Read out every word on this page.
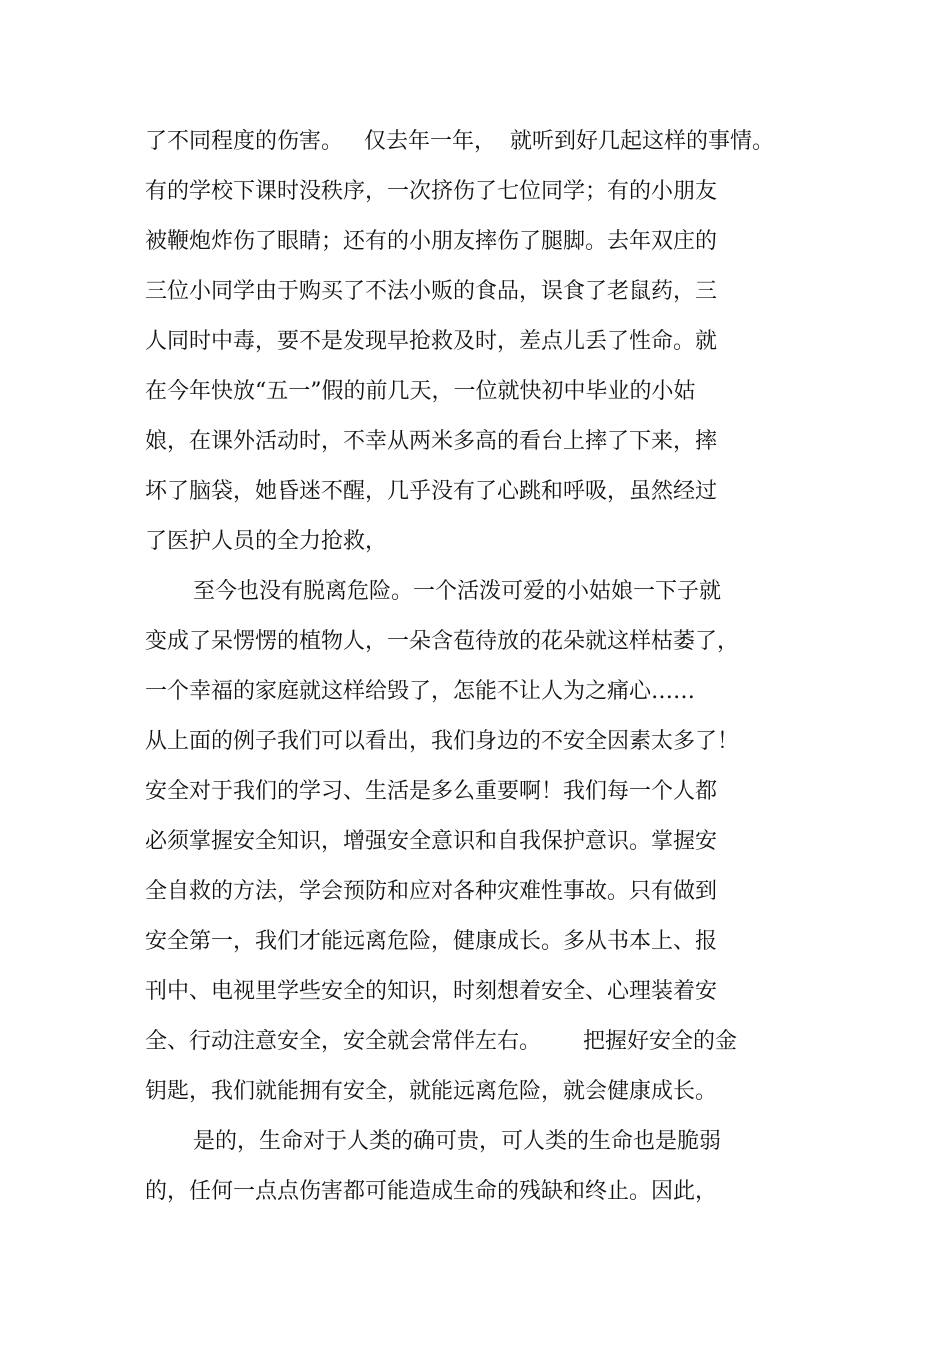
了不同程度的伤害。   仅去年一年，  就听到好几起这样的事情。
有的学校下课时没秩序，一次挤伤了七位同学；有的小朋友
被鞭炮炸伤了眼睛；还有的小朋友摔伤了腿脚。去年双庄的
三位小同学由于购买了不法小贩的食品，误食了老鼠药，三
人同时中毒，要不是发现早抢救及时，差点儿丢了性命。就
在今年快放“五一”假的前几天，一位就快初中毕业的小姑
娘，在课外活动时，不幸从两米多高的看台上摔了下来，摔
坏了脑袋，她昏迷不醒，几乎没有了心跳和呼吸，虽然经过
了医护人员的全力抢救，
至今也没有脱离危险。一个活泼可爱的小姑娘一下子就
变成了呆愣愣的植物人，一朵含苞待放的花朵就这样枯萎了，
一个幸福的家庭就这样给毁了，怎能不让人为之痛心……
从上面的例子我们可以看出，我们身边的不安全因素太多了！
安全对于我们的学习、生活是多么重要啊！我们每一个人都
必须掌握安全知识，增强安全意识和自我保护意识。掌握安
全自救的方法，学会预防和应对各种灾难性事故。只有做到
安全第一，我们才能远离危险，健康成长。多从书本上、报
刊中、电视里学些安全的知识，时刻想着安全、心理装着安
全、行动注意安全，安全就会常伴左右。      把握好安全的金
钥匙，我们就能拥有安全，就能远离危险，就会健康成长。
是的，生命对于人类的确可贵，可人类的生命也是脆弱
的，任何一点点伤害都可能造成生命的残缺和终止。因此，
